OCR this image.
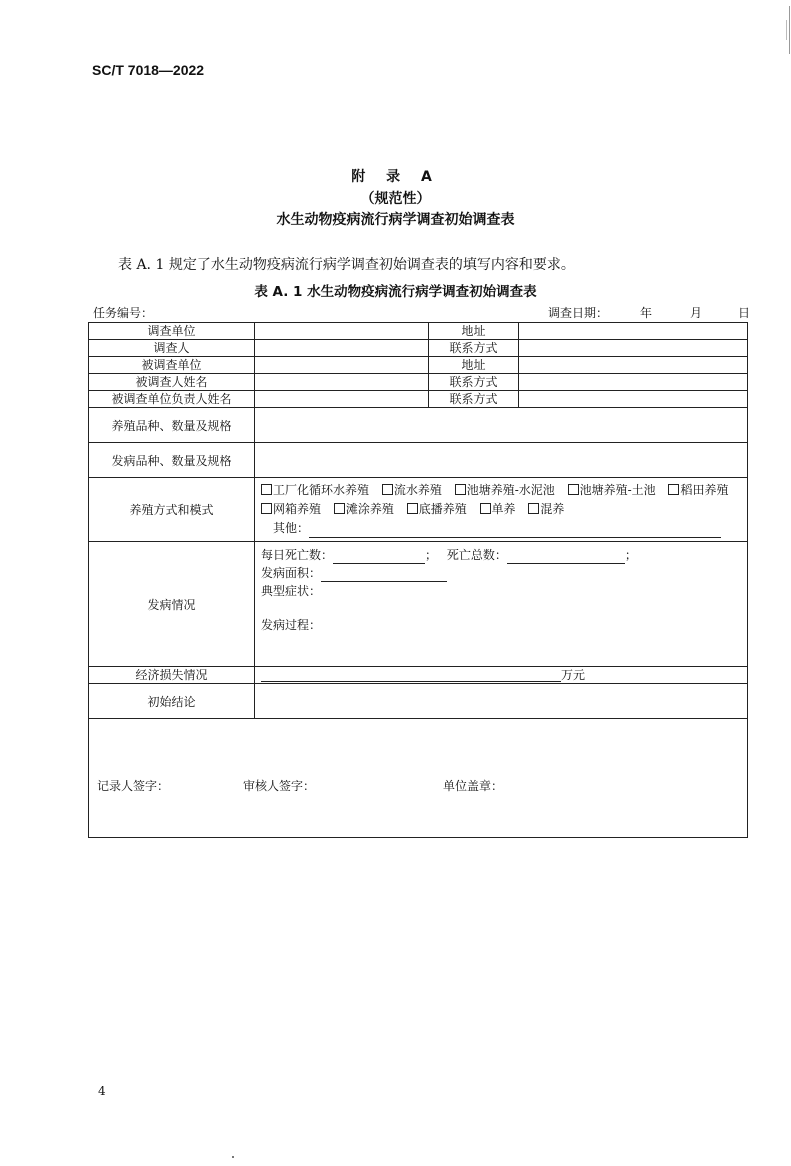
SC/T 7018—2022
附 录 A
（规范性）
水生动物疫病流行病学调查初始调查表
表 A. 1 规定了水生动物疫病流行病学调查初始调查表的填写内容和要求。
表 A. 1 水生动物疫病流行病学调查初始调查表
任务编号：	调查日期：	年	月	日
调查单位		地址	
调查人		联系方式	
被调查单位		地址	
被调查人姓名		联系方式	
被调查单位负责人姓名		联系方式	
养殖品种、数量及规格			
发病品种、数量及规格			
养殖方式和模式	工厂化循环水养殖 流水养殖 池塘养殖-水泥池 池塘养殖-土池 稻田养殖
网箱养殖 滩涂养殖 底播养殖 单养 混养
其他：		

发病情况	每日死亡数： ； 死亡总数： ；
发病面积：
典型症状：
发病过程：		

经济损失情况	万元		
初始结论			

记录人签字： 审核人签字： 单位盖章：			
4
